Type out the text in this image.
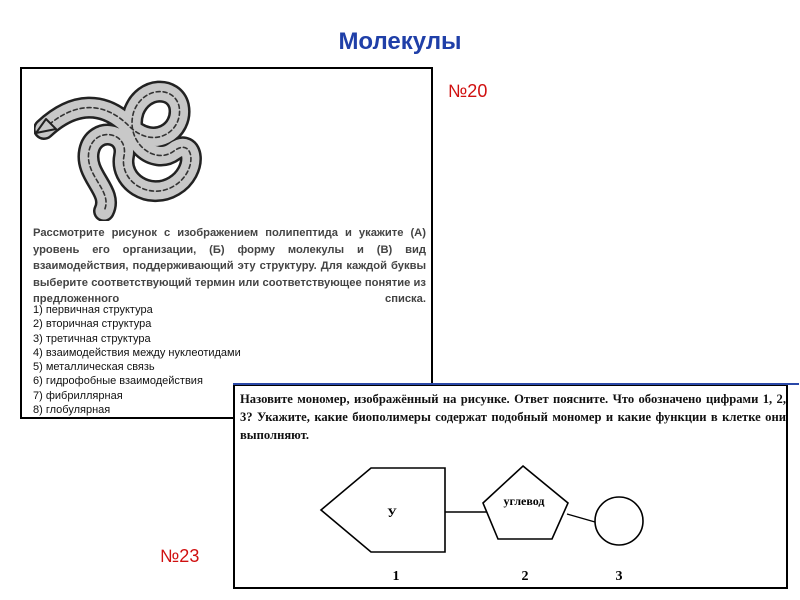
Молекулы
Рассмотрите рисунок с изображением полипептида и укажите (А) уровень его организации, (Б) форму молекулы и (В) вид взаимодействия, поддерживающий эту структуру. Для каждой буквы выберите соответствующий термин или соответствующее понятие из предложенного списка.
1) первичная структура
2) вторичная структура
3) третичная структура
4) взаимодействия между нуклеотидами
5) металлическая связь
6) гидрофобные взаимодействия
7) фибриллярная
8) глобулярная
№20
№23
Назовите мономер, изображённый на рисунке. Ответ поясните. Что обозначено цифрами 1, 2, 3? Укажите, какие биополимеры содержат подобный мономер и какие функции в клетке они выполняют.
У
углевод
1	2	3
